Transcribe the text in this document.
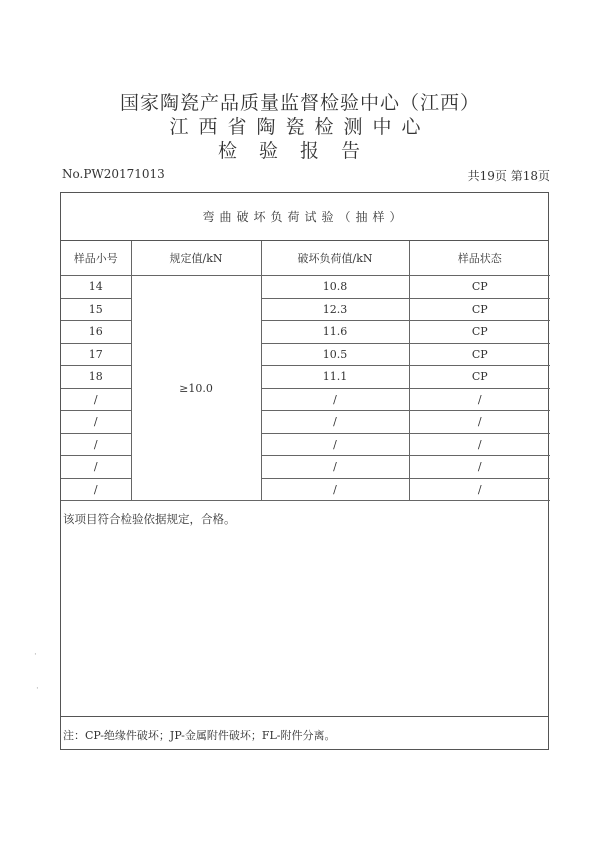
国家陶瓷产品质量监督检验中心（江西）
江西省陶瓷检测中心
检验报告
No.PW20171013	共19页 第18页
弯曲破坏负荷试验（抽样）
样品小号	规定值/kN	破坏负荷值/kN	样品状态
14	≥10.0	10.8	CP
15		12.3	CP
16		11.6	CP
17		10.5	CP
18		11.1	CP
/		/	/
/		/	/
/		/	/
/		/	/
/		/	/
该项目符合检验依据规定，合格。
注：CP-绝缘件破坏；JP-金属附件破坏；FL-附件分离。
·
·
